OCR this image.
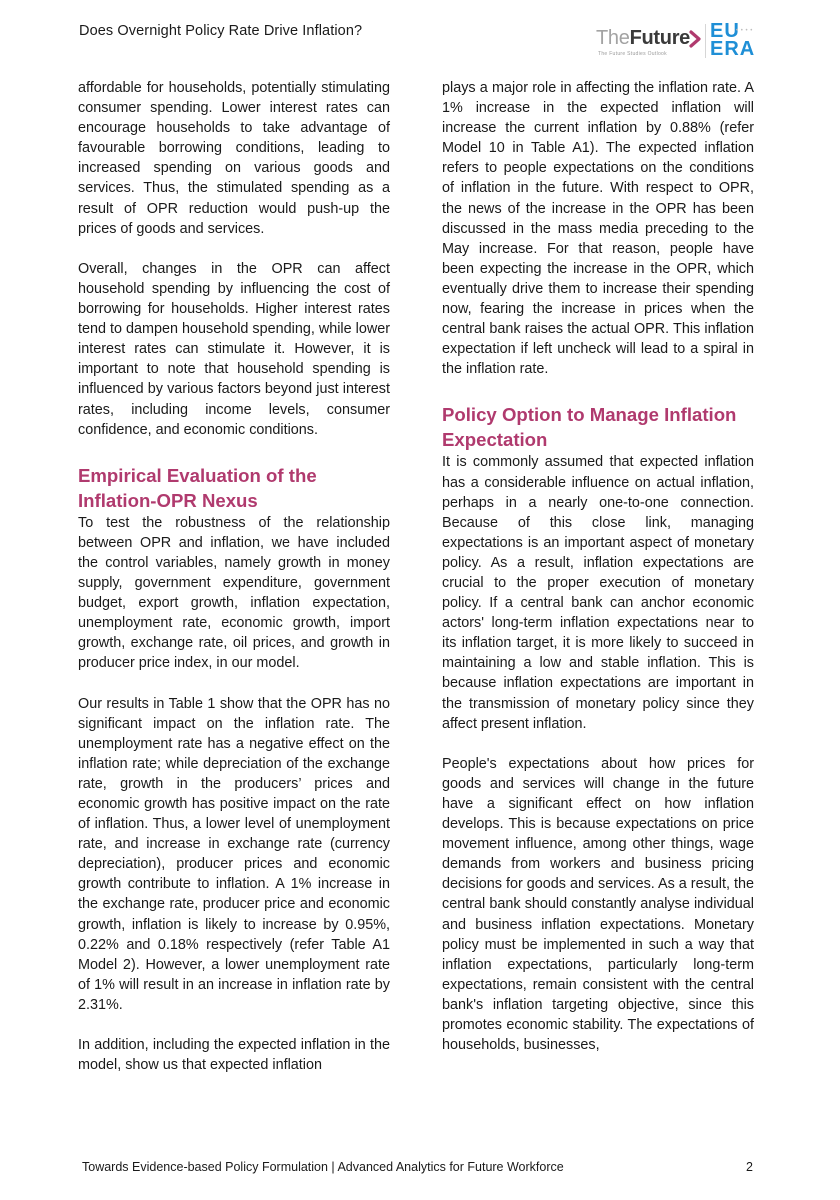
Does Overnight Policy Rate Drive Inflation?	TheFuture
The Future Studies Outlook
EU
• • • •
ERA

affordable for households, potentially stimulating consumer spending. Lower interest rates can encourage households to take advantage of favourable borrowing conditions, leading to increased spending on various goods and services. Thus, the stimulated spending as a result of OPR reduction would push-up the prices of goods and services.

Overall, changes in the OPR can affect household spending by influencing the cost of borrowing for households. Higher interest rates tend to dampen household spending, while lower interest rates can stimulate it. However, it is important to note that household spending is influenced by various factors beyond just interest rates, including income levels, consumer confidence, and economic conditions.

Empirical Evaluation of the Inflation-OPR Nexus

To test the robustness of the relationship between OPR and inflation, we have included the control variables, namely growth in money supply, government expenditure, government budget, export growth, inflation expectation, unemployment rate, economic growth, import growth, exchange rate, oil prices, and growth in producer price index, in our model.

Our results in Table 1 show that the OPR has no significant impact on the inflation rate. The unemployment rate has a negative effect on the inflation rate; while depreciation of the exchange rate, growth in the producers’ prices and economic growth has positive impact on the rate of inflation. Thus, a lower level of unemployment rate, and increase in exchange rate (currency depreciation), producer prices and economic growth contribute to inflation. A 1% increase in the exchange rate, producer price and economic growth, inflation is likely to increase by 0.95%, 0.22% and 0.18% respectively (refer Table A1 Model 2). However, a lower unemployment rate of 1% will result in an increase in inflation rate by 2.31%.

In addition, including the expected inflation in the model, show us that expected inflation

plays a major role in affecting the inflation rate. A 1% increase in the expected inflation will increase the current inflation by 0.88% (refer Model 10 in Table A1). The expected inflation refers to people expectations on the conditions of inflation in the future. With respect to OPR, the news of the increase in the OPR has been discussed in the mass media preceding to the May increase. For that reason, people have been expecting the increase in the OPR, which eventually drive them to increase their spending now, fearing the increase in prices when the central bank raises the actual OPR. This inflation expectation if left uncheck will lead to a spiral in the inflation rate.

Policy Option to Manage Inflation Expectation

It is commonly assumed that expected inflation has a considerable influence on actual inflation, perhaps in a nearly one-to-one connection. Because of this close link, managing expectations is an important aspect of monetary policy. As a result, inflation expectations are crucial to the proper execution of monetary policy. If a central bank can anchor economic actors' long-term inflation expectations near to its inflation target, it is more likely to succeed in maintaining a low and stable inflation. This is because inflation expectations are important in the transmission of monetary policy since they affect present inflation.

People's expectations about how prices for goods and services will change in the future have a significant effect on how inflation develops. This is because expectations on price movement influence, among other things, wage demands from workers and business pricing decisions for goods and services. As a result, the central bank should constantly analyse individual and business inflation expectations. Monetary policy must be implemented in such a way that inflation expectations, particularly long-term expectations, remain consistent with the central bank's inflation targeting objective, since this promotes economic stability. The expectations of households, businesses,

Towards Evidence-based Policy Formulation | Advanced Analytics for Future Workforce	2
